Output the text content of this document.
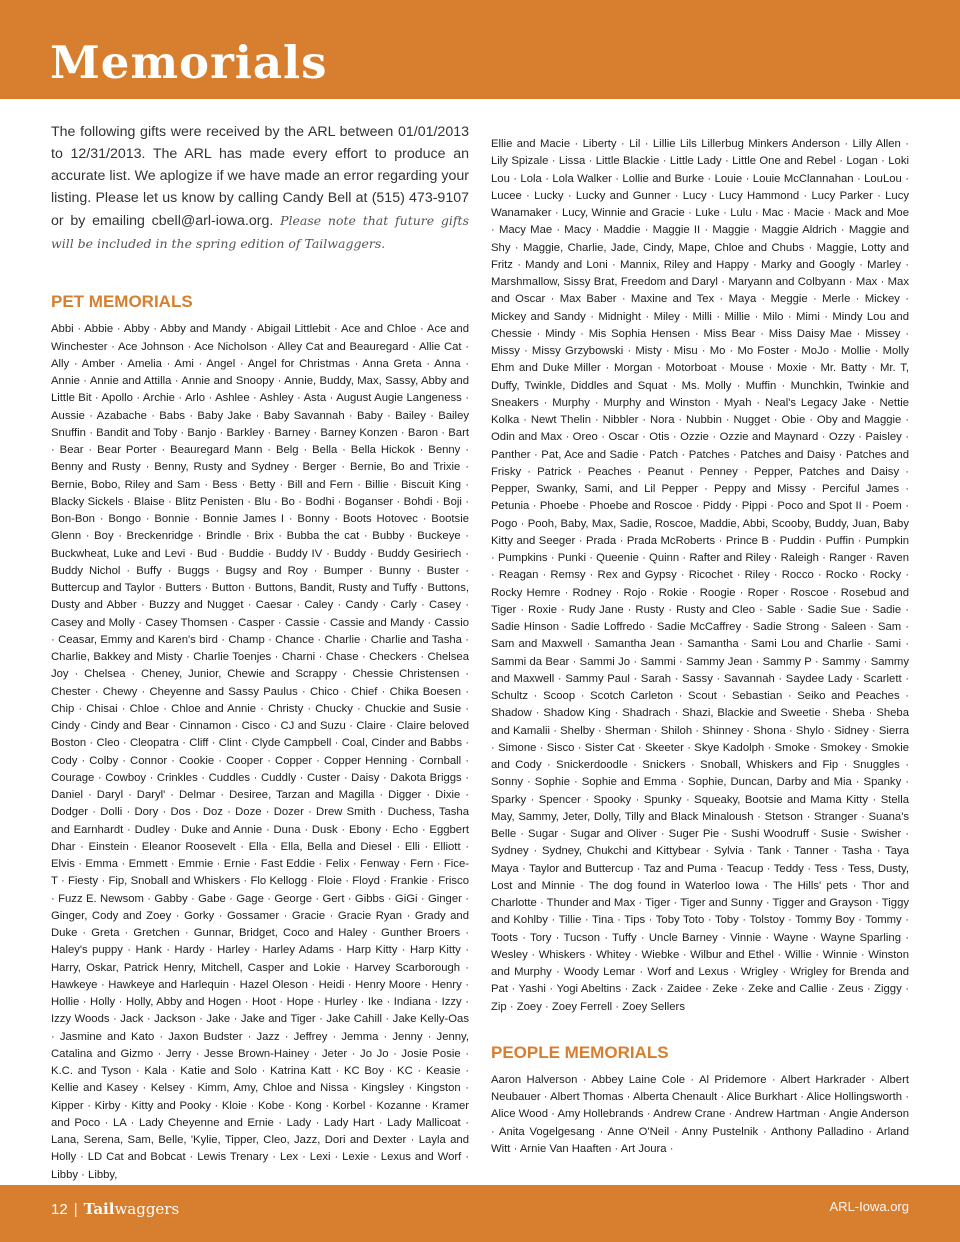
Memorials

The following gifts were received by the ARL between 01/01/2013 to 12/31/2013. The ARL has made every effort to produce an accurate list. We aplogize if we have made an error regarding your listing. Please let us know by calling Candy Bell at (515) 473-9107 or by emailing cbell@arl-iowa.org. Please note that future gifts will be included in the spring edition of Tailwaggers.

PET MEMORIALS

Abbi · Abbie · Abby · Abby and Mandy · Abigail Littlebit · Ace and Chloe · Ace and Winchester · Ace Johnson · Ace Nicholson · Alley Cat and Beauregard · Allie Cat · Ally · Amber · Amelia · Ami · Angel · Angel for Christmas · Anna Greta · Anna · Annie · Annie and Attilla · Annie and Snoopy · Annie, Buddy, Max, Sassy, Abby and Little Bit · Apollo · Archie · Arlo · Ashlee · Ashley · Asta · August Augie Langeness · Aussie · Azabache · Babs · Baby Jake · Baby Savannah · Baby · Bailey · Bailey Snuffin · Bandit and Toby · Banjo · Barkley · Barney · Barney Konzen · Baron · Bart · Bear · Bear Porter · Beauregard Mann · Belg · Bella · Bella Hickok · Benny · Benny and Rusty · Benny, Rusty and Sydney · Berger · Bernie, Bo and Trixie · Bernie, Bobo, Riley and Sam · Bess · Betty · Bill and Fern · Billie · Biscuit King · Blacky Sickels · Blaise · Blitz Penisten · Blu · Bo · Bodhi · Boganser · Bohdi · Boji · Bon-Bon · Bongo · Bonnie · Bonnie James I · Bonny · Boots Hotovec · Bootsie Glenn · Boy · Breckenridge · Brindle · Brix · Bubba the cat · Bubby · Buckeye · Buckwheat, Luke and Levi · Bud · Buddie · Buddy IV · Buddy · Buddy Gesiriech · Buddy Nichol · Buffy · Buggs · Bugsy and Roy · Bumper · Bunny · Buster · Buttercup and Taylor · Butters · Button · Buttons, Bandit, Rusty and Tuffy · Buttons, Dusty and Abber · Buzzy and Nugget · Caesar · Caley · Candy · Carly · Casey · Casey and Molly · Casey Thomsen · Casper · Cassie · Cassie and Mandy · Cassio · Ceasar, Emmy and Karen's bird · Champ · Chance · Charlie · Charlie and Tasha · Charlie, Bakkey and Misty · Charlie Toenjes · Charni · Chase · Checkers · Chelsea Joy · Chelsea · Cheney, Junior, Chewie and Scrappy · Chessie Christensen · Chester · Chewy · Cheyenne and Sassy Paulus · Chico · Chief · Chika Boesen · Chip · Chisai · Chloe · Chloe and Annie · Christy · Chucky · Chuckie and Susie · Cindy · Cindy and Bear · Cinnamon · Cisco · CJ and Suzu · Claire · Claire beloved Boston · Cleo · Cleopatra · Cliff · Clint · Clyde Campbell · Coal, Cinder and Babbs · Cody · Colby · Connor · Cookie · Cooper · Copper · Copper Henning · Cornball · Courage · Cowboy · Crinkles · Cuddles · Cuddly · Custer · Daisy · Dakota Briggs · Daniel · Daryl · Daryl' · Delmar · Desiree, Tarzan and Magilla · Digger · Dixie · Dodger · Dolli · Dory · Dos · Doz · Doze · Dozer · Drew Smith · Duchess, Tasha and Earnhardt · Dudley · Duke and Annie · Duna · Dusk · Ebony · Echo · Eggbert Dhar · Einstein · Eleanor Roosevelt · Ella · Ella, Bella and Diesel · Elli · Elliott · Elvis · Emma · Emmett · Emmie · Ernie · Fast Eddie · Felix · Fenway · Fern · Fice-T · Fiesty · Fip, Snoball and Whiskers · Flo Kellogg · Floie · Floyd · Frankie · Frisco · Fuzz E. Newsom · Gabby · Gabe · Gage · George · Gert · Gibbs · GiGi · Ginger · Ginger, Cody and Zoey · Gorky · Gossamer · Gracie · Gracie Ryan · Grady and Duke · Greta · Gretchen · Gunnar, Bridget, Coco and Haley · Gunther Broers · Haley's puppy · Hank · Hardy · Harley · Harley Adams · Harp Kitty · Harp Kitty · Harry, Oskar, Patrick Henry, Mitchell, Casper and Lokie · Harvey Scarborough · Hawkeye · Hawkeye and Harlequin · Hazel Oleson · Heidi · Henry Moore · Henry · Hollie · Holly · Holly, Abby and Hogen · Hoot · Hope · Hurley · Ike · Indiana · Izzy · Izzy Woods · Jack · Jackson · Jake · Jake and Tiger · Jake Cahill · Jake Kelly-Oas · Jasmine and Kato · Jaxon Budster · Jazz · Jeffrey · Jemma · Jenny · Jenny, Catalina and Gizmo · Jerry · Jesse Brown-Hainey · Jeter · Jo Jo · Josie Posie · K.C. and Tyson · Kala · Katie and Solo · Katrina Katt · KC Boy · KC · Keasie · Kellie and Kasey · Kelsey · Kimm, Amy, Chloe and Nissa · Kingsley · Kingston · Kipper · Kirby · Kitty and Pooky · Kloie · Kobe · Kong · Korbel · Kozanne · Kramer and Poco · LA · Lady Cheyenne and Ernie · Lady · Lady Hart · Lady Mallicoat · Lana, Serena, Sam, Belle, 'Kylie, Tipper, Cleo, Jazz, Dori and Dexter · Layla and Holly · LD Cat and Bobcat · Lewis Trenary · Lex · Lexi · Lexie · Lexus and Worf · Libby · Libby,

Ellie and Macie · Liberty · Lil · Lillie Lils Lillerbug Minkers Anderson · Lilly Allen · Lily Spizale · Lissa · Little Blackie · Little Lady · Little One and Rebel · Logan · Loki Lou · Lola · Lola Walker · Lollie and Burke · Louie · Louie McClannahan · LouLou · Lucee · Lucky · Lucky and Gunner · Lucy · Lucy Hammond · Lucy Parker · Lucy Wanamaker · Lucy, Winnie and Gracie · Luke · Lulu · Mac · Macie · Mack and Moe · Macy Mae · Macy · Maddie · Maggie II · Maggie · Maggie Aldrich · Maggie and Shy · Maggie, Charlie, Jade, Cindy, Mape, Chloe and Chubs · Maggie, Lotty and Fritz · Mandy and Loni · Mannix, Riley and Happy · Marky and Googly · Marley · Marshmallow, Sissy Brat, Freedom and Daryl · Maryann and Colbyann · Max · Max and Oscar · Max Baber · Maxine and Tex · Maya · Meggie · Merle · Mickey · Mickey and Sandy · Midnight · Miley · Milli · Millie · Milo · Mimi · Mindy Lou and Chessie · Mindy · Mis Sophia Hensen · Miss Bear · Miss Daisy Mae · Missey · Missy · Missy Grzybowski · Misty · Misu · Mo · Mo Foster · MoJo · Mollie · Molly Ehm and Duke Miller · Morgan · Motorboat · Mouse · Moxie · Mr. Batty · Mr. T, Duffy, Twinkle, Diddles and Squat · Ms. Molly · Muffin · Munchkin, Twinkie and Sneakers · Murphy · Murphy and Winston · Myah · Neal's Legacy Jake · Nettie Kolka · Newt Thelin · Nibbler · Nora · Nubbin · Nugget · Obie · Oby and Maggie · Odin and Max · Oreo · Oscar · Otis · Ozzie · Ozzie and Maynard · Ozzy · Paisley · Panther · Pat, Ace and Sadie · Patch · Patches · Patches and Daisy · Patches and Frisky · Patrick · Peaches · Peanut · Penney · Pepper, Patches and Daisy · Pepper, Swanky, Sami, and Lil Pepper · Peppy and Missy · Perciful James · Petunia · Phoebe · Phoebe and Roscoe · Piddy · Pippi · Poco and Spot II · Poem · Pogo · Pooh, Baby, Max, Sadie, Roscoe, Maddie, Abbi, Scooby, Buddy, Juan, Baby Kitty and Seeger · Prada · Prada McRoberts · Prince B · Puddin · Puffin · Pumpkin · Pumpkins · Punki · Queenie · Quinn · Rafter and Riley · Raleigh · Ranger · Raven · Reagan · Remsy · Rex and Gypsy · Ricochet · Riley · Rocco · Rocko · Rocky · Rocky Hemre · Rodney · Rojo · Rokie · Roogie · Roper · Roscoe · Rosebud and Tiger · Roxie · Rudy Jane · Rusty · Rusty and Cleo · Sable · Sadie Sue · Sadie · Sadie Hinson · Sadie Loffredo · Sadie McCaffrey · Sadie Strong · Saleen · Sam · Sam and Maxwell · Samantha Jean · Samantha · Sami Lou and Charlie · Sami · Sammi da Bear · Sammi Jo · Sammi · Sammy Jean · Sammy P · Sammy · Sammy and Maxwell · Sammy Paul · Sarah · Sassy · Savannah · Saydee Lady · Scarlett · Schultz · Scoop · Scotch Carleton · Scout · Sebastian · Seiko and Peaches · Shadow · Shadow King · Shadrach · Shazi, Blackie and Sweetie · Sheba · Sheba and Kamalii · Shelby · Sherman · Shiloh · Shinney · Shona · Shylo · Sidney · Sierra · Simone · Sisco · Sister Cat · Skeeter · Skye Kadolph · Smoke · Smokey · Smokie and Cody · Snickerdoodle · Snickers · Snoball, Whiskers and Fip · Snuggles · Sonny · Sophie · Sophie and Emma · Sophie, Duncan, Darby and Mia · Spanky · Sparky · Spencer · Spooky · Spunky · Squeaky, Bootsie and Mama Kitty · Stella May, Sammy, Jeter, Dolly, Tilly and Black Minaloush · Stetson · Stranger · Suana's Belle · Sugar · Sugar and Oliver · Suger Pie · Sushi Woodruff · Susie · Swisher · Sydney · Sydney, Chukchi and Kittybear · Sylvia · Tank · Tanner · Tasha · Taya Maya · Taylor and Buttercup · Taz and Puma · Teacup · Teddy · Tess · Tess, Dusty, Lost and Minnie · The dog found in Waterloo Iowa · The Hills' pets · Thor and Charlotte · Thunder and Max · Tiger · Tiger and Sunny · Tigger and Grayson · Tiggy and Kohlby · Tillie · Tina · Tips · Toby Toto · Toby · Tolstoy · Tommy Boy · Tommy · Toots · Tory · Tucson · Tuffy · Uncle Barney · Vinnie · Wayne · Wayne Sparling · Wesley · Whiskers · Whitey · Wiebke · Wilbur and Ethel · Willie · Winnie · Winston and Murphy · Woody Lemar · Worf and Lexus · Wrigley · Wrigley for Brenda and Pat · Yashi · Yogi Abeltins · Zack · Zaidee · Zeke · Zeke and Callie · Zeus · Ziggy · Zip · Zoey · Zoey Ferrell · Zoey Sellers

PEOPLE MEMORIALS

Aaron Halverson · Abbey Laine Cole · Al Pridemore · Albert Harkrader · Albert Neubauer · Albert Thomas · Alberta Chenault · Alice Burkhart · Alice Hollingsworth · Alice Wood · Amy Hollebrands · Andrew Crane · Andrew Hartman · Angie Anderson · Anita Vogelgesang · Anne O'Neil · Anny Pustelnik · Anthony Palladino · Arland Witt · Arnie Van Haaften · Art Joura ·

12 | Tailwaggers	ARL-Iowa.org
